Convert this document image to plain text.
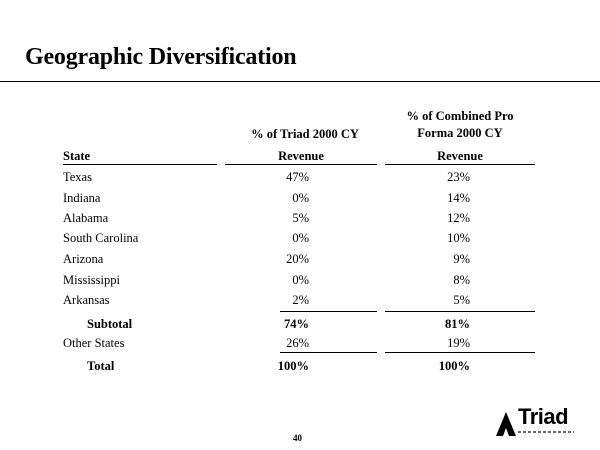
Geographic Diversification
% of Triad 2000 CY
% of Combined Pro
Forma 2000 CY
State	Revenue	Revenue
Texas	47%	23%
Indiana	0%	14%
Alabama	5%	12%
South Carolina	0%	10%
Arizona	20%	9%
Mississippi	0%	8%
Arkansas	2%	5%
Subtotal	74%	81%
Other States	26%	19%
Total	100%	100%
40
Triad
